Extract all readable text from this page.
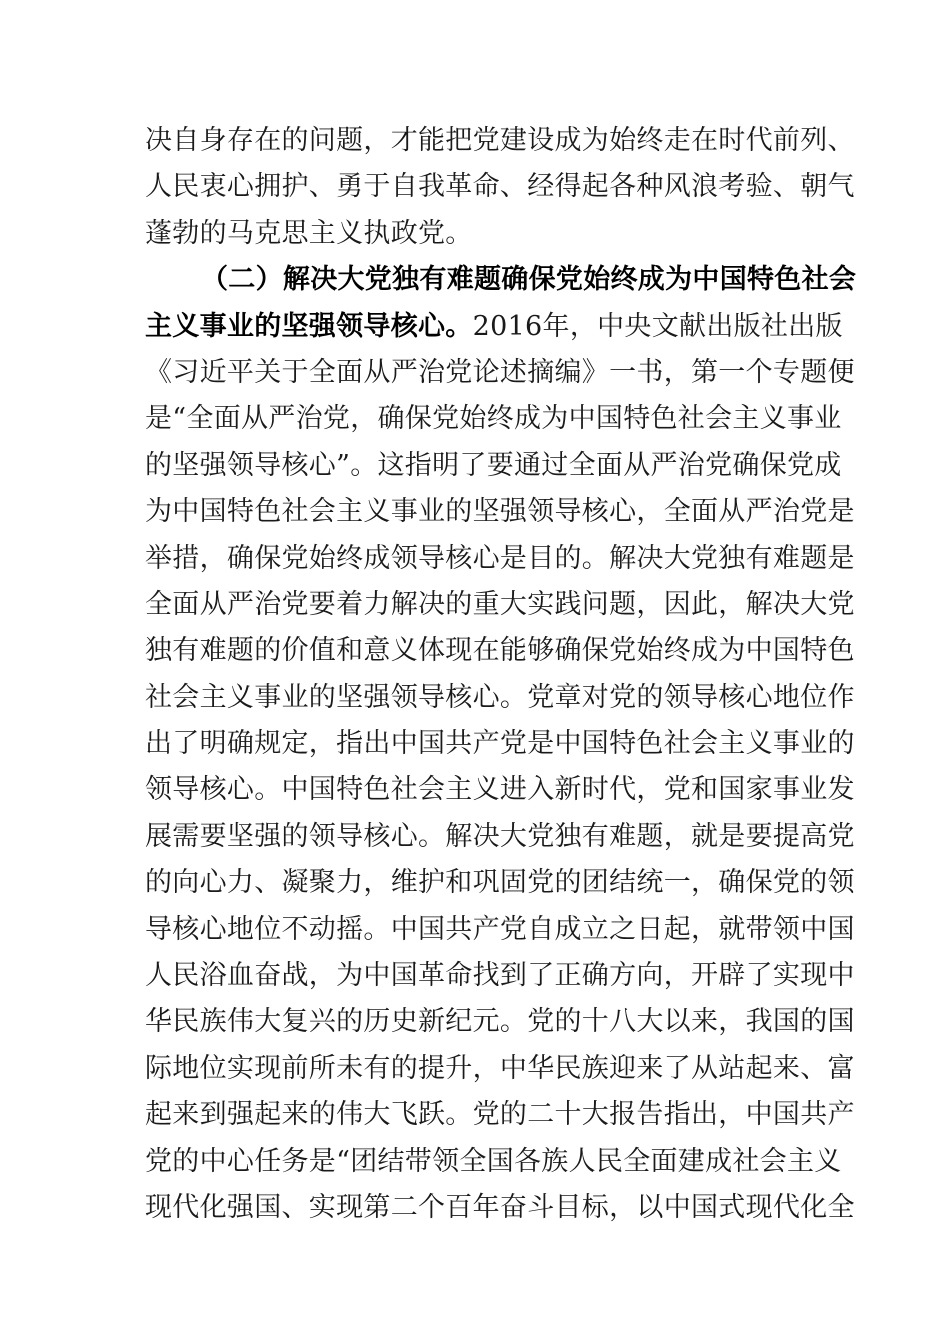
决自身存在的问题，才能把党建设成为始终走在时代前列、
人民衷心拥护、勇于自我革命、经得起各种风浪考验、朝气
蓬勃的马克思主义执政党。
（二）解决大党独有难题确保党始终成为中国特色社会
主义事业的坚强领导核心。2016年，中央文献出版社出版
《习近平关于全面从严治党论述摘编》一书，第一个专题便
是“全面从严治党，确保党始终成为中国特色社会主义事业
的坚强领导核心”。这指明了要通过全面从严治党确保党成
为中国特色社会主义事业的坚强领导核心，全面从严治党是
举措，确保党始终成领导核心是目的。解决大党独有难题是
全面从严治党要着力解决的重大实践问题，因此，解决大党
独有难题的价值和意义体现在能够确保党始终成为中国特色
社会主义事业的坚强领导核心。党章对党的领导核心地位作
出了明确规定，指出中国共产党是中国特色社会主义事业的
领导核心。中国特色社会主义进入新时代，党和国家事业发
展需要坚强的领导核心。解决大党独有难题，就是要提高党
的向心力、凝聚力，维护和巩固党的团结统一，确保党的领
导核心地位不动摇。中国共产党自成立之日起，就带领中国
人民浴血奋战，为中国革命找到了正确方向，开辟了实现中
华民族伟大复兴的历史新纪元。党的十八大以来，我国的国
际地位实现前所未有的提升，中华民族迎来了从站起来、富
起来到强起来的伟大飞跃。党的二十大报告指出，中国共产
党的中心任务是“团结带领全国各族人民全面建成社会主义
现代化强国、实现第二个百年奋斗目标，以中国式现代化全
